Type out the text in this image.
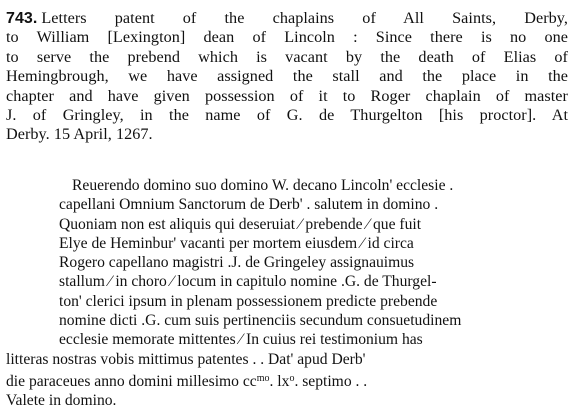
743. Letters patent of the chaplains of All Saints, Derby,
to William [Lexington] dean of Lincoln : Since there is no one
to serve the prebend which is vacant by the death of Elias of
Hemingbrough, we have assigned the stall and the place in the
chapter and have given possession of it to Roger chaplain of master
J. of Gringley, in the name of G. de Thurgelton [his proctor]. At
Derby. 15 April, 1267.
Reuerendo domino suo domino W. decano Lincoln' ecclesie .
capellani Omnium Sanctorum de Derb' . salutem in domino .
Quoniam non est aliquis qui deseruiat ⁄ prebende ⁄ que fuit
Elye de Heminbur' vacanti per mortem eiusdem ⁄ id circa
Rogero capellano magistri .J. de Gringeley assignauimus
stallum ⁄ in choro ⁄ locum in capitulo nomine .G. de Thurgel-
ton' clerici ipsum in plenam possessionem predicte prebende
nomine dicti .G. cum suis pertinenciis secundum consuetudinem
ecclesie memorate mittentes ⁄ In cuius rei testimonium has
litteras nostras vobis mittimus patentes . . Dat' apud Derb'
die paraceues anno domini millesimo $cc^{mo}$. $lx^o$. septimo . .
Valete in domino.
